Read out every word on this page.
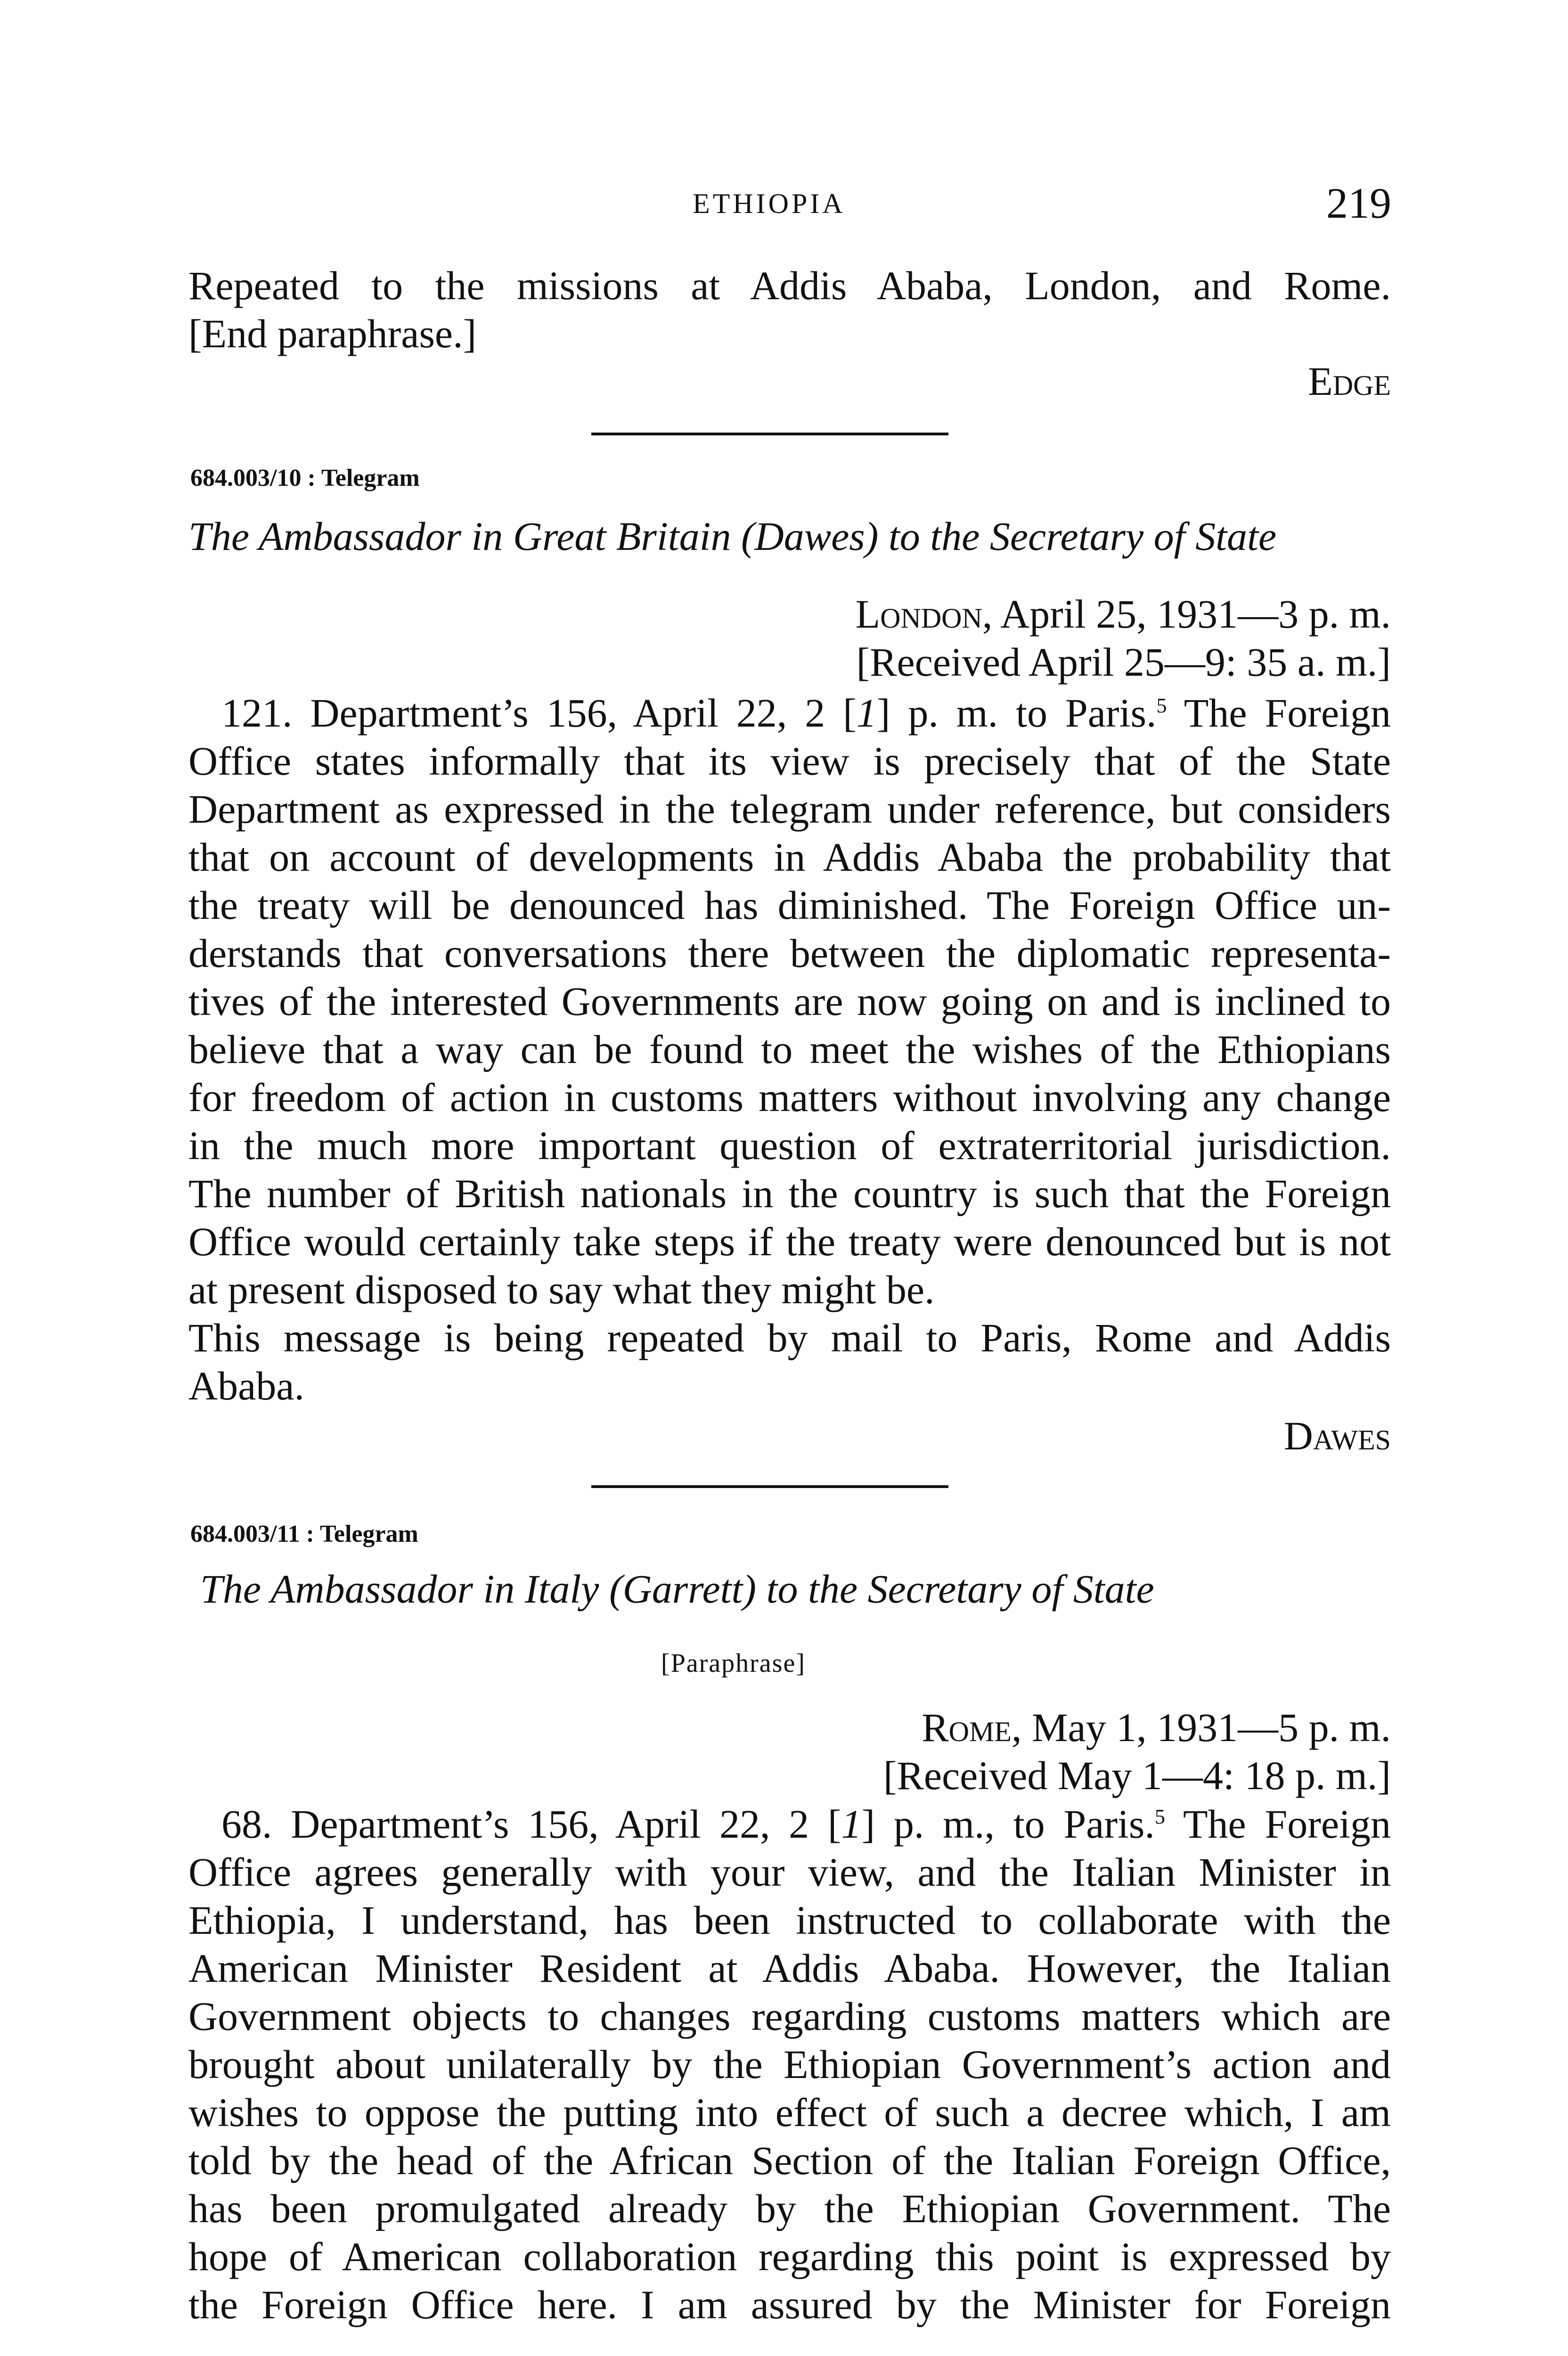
ETHIOPIA	219
Repeated to the missions at Addis Ababa, London, and Rome.
[End paraphrase.]
Edge
684.003/10 : Telegram
The Ambassador in Great Britain (Dawes) to the Secretary of State
London, April 25, 1931—3 p. m.
[Received April 25—9: 35 a. m.]
121. Department’s 156, April 22, 2 [1] p. m. to Paris.$^5$ The Foreign
Office states informally that its view is precisely that of the State
Department as expressed in the telegram under reference, but considers
that on account of developments in Addis Ababa the probability that
the treaty will be denounced has diminished. The Foreign Office un-
derstands that conversations there between the diplomatic representa-
tives of the interested Governments are now going on and is inclined to
believe that a way can be found to meet the wishes of the Ethiopians
for freedom of action in customs matters without involving any change
in the much more important question of extraterritorial jurisdiction.
The number of British nationals in the country is such that the Foreign
Office would certainly take steps if the treaty were denounced but is not
at present disposed to say what they might be.
This message is being repeated by mail to Paris, Rome and Addis
Ababa.
Dawes
684.003/11 : Telegram
The Ambassador in Italy (Garrett) to the Secretary of State
[Paraphrase]
Rome, May 1, 1931—5 p. m.
[Received May 1—4: 18 p. m.]
68. Department’s 156, April 22, 2 [1] p. m., to Paris.$^5$ The Foreign
Office agrees generally with your view, and the Italian Minister in
Ethiopia, I understand, has been instructed to collaborate with the
American Minister Resident at Addis Ababa. However, the Italian
Government objects to changes regarding customs matters which are
brought about unilaterally by the Ethiopian Government’s action and
wishes to oppose the putting into effect of such a decree which, I am
told by the head of the African Section of the Italian Foreign Office,
has been promulgated already by the Ethiopian Government. The
hope of American collaboration regarding this point is expressed by
the Foreign Office here. I am assured by the Minister for Foreign
